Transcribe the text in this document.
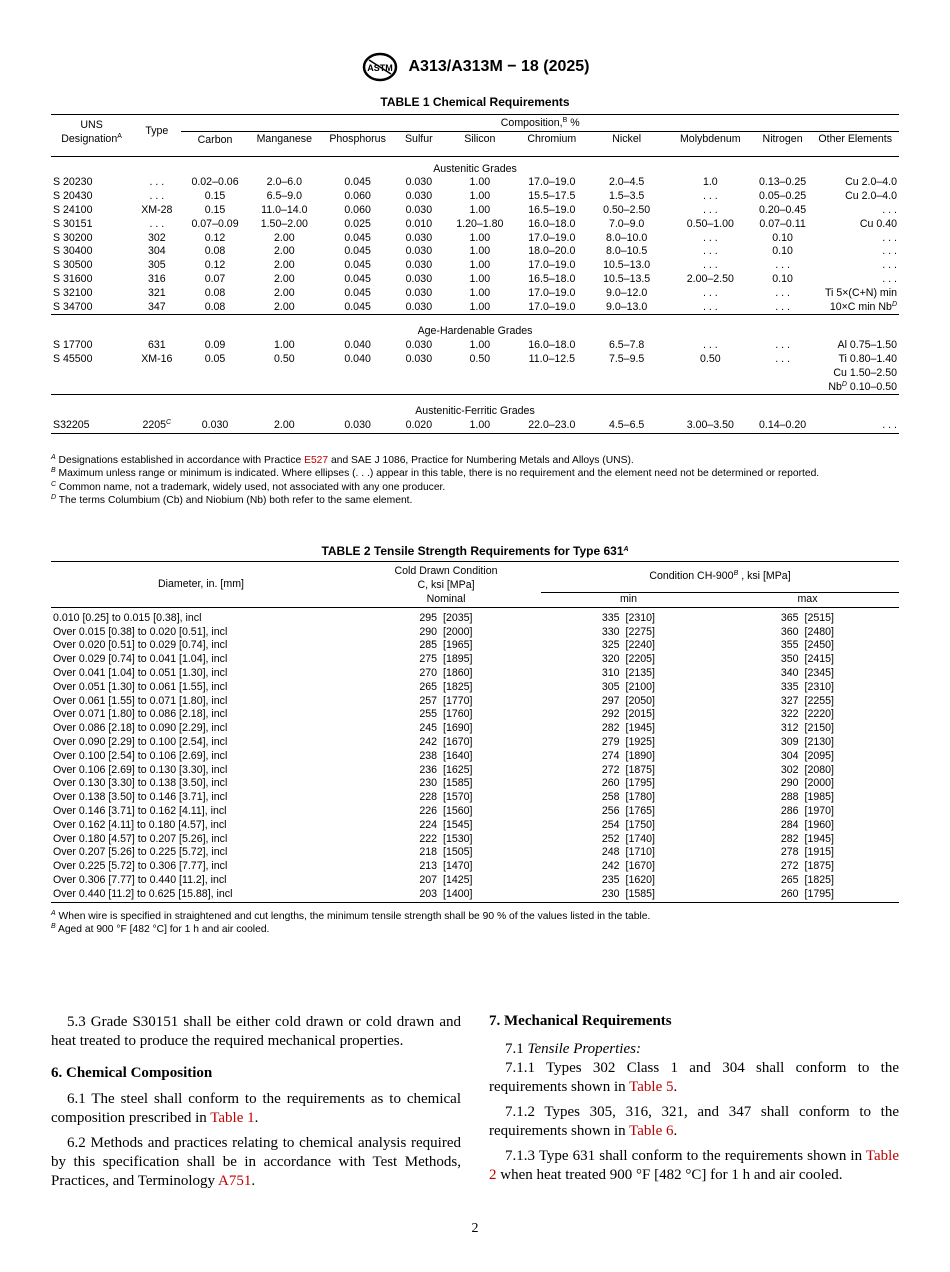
ASTM A313/A313M − 18 (2025)
TABLE 1 Chemical Requirements
UNS
Designation$^A$	Type	Composition,$^B$ %									
		Carbon	Manganese	Phosphorus	Sulfur	Silicon	Chromium	Nickel	Molybdenum	Nitrogen	Other Elements

Austenitic Grades											
S 20230	. . .	0.02–0.06	2.0–6.0	0.045	0.030	1.00	17.0–19.0	2.0–4.5	1.0	0.13–0.25	Cu 2.0–4.0
S 20430	. . .	0.15	6.5–9.0	0.060	0.030	1.00	15.5–17.5	1.5–3.5	. . .	0.05–0.25	Cu 2.0–4.0
S 24100	XM-28	0.15	11.0–14.0	0.060	0.030	1.00	16.5–19.0	0.50–2.50	. . .	0.20–0.45	. . .
S 30151	. . .	0.07–0.09	1.50–2.00	0.025	0.010	1.20–1.80	16.0–18.0	7.0–9.0	0.50–1.00	0.07–0.11	Cu 0.40
S 30200	302	0.12	2.00	0.045	0.030	1.00	17.0–19.0	8.0–10.0	. . .	0.10	. . .
S 30400	304	0.08	2.00	0.045	0.030	1.00	18.0–20.0	8.0–10.5	. . .	0.10	. . .
S 30500	305	0.12	2.00	0.045	0.030	1.00	17.0–19.0	10.5–13.0	. . .	. . .	. . .
S 31600	316	0.07	2.00	0.045	0.030	1.00	16.5–18.0	10.5–13.5	2.00–2.50	0.10	. . .
S 32100	321	0.08	2.00	0.045	0.030	1.00	17.0–19.0	9.0–12.0	. . .	. . .	Ti 5×(C+N) min
S 34700	347	0.08	2.00	0.045	0.030	1.00	17.0–19.0	9.0–13.0	. . .	. . .	10×C $\min Nb^D$
Age-Hardenable Grades											
S 17700	631	0.09	1.00	0.040	0.030	1.00	16.0–18.0	6.5–7.8	. . .	. . .	Al 0.75–1.50
S 45500	XM-16	0.05	0.50	0.040	0.030	0.50	11.0–12.5	7.5–9.5	0.50	. . .	Ti 0.80–1.40
											Cu 1.50–2.50
											$Nb^D$ 0.10–0.50
Austenitic-Ferritic Grades											
S32205	$2205^C$	0.030	2.00	0.030	0.020	1.00	22.0–23.0	4.5–6.5	3.00–3.50	0.14–0.20	. . .
$^A$ Designations established in accordance with Practice E527 and SAE J 1086, Practice for Numbering Metals and Alloys (UNS).
$^B$ Maximum unless range or minimum is indicated. Where ellipses (. . .) appear in this table, there is no requirement and the element need not be determined or reported.
$^C$ Common name, not a trademark, widely used, not associated with any one producer.
$^D$ The terms Columbium (Cb) and Niobium (Nb) both refer to the same element.
TABLE 2 Tensile Strength Requirements for Type $631^A$
Diameter, in. [mm]	Cold Drawn Condition
C, ksi [MPa]	Condition $CH-900^B$ , ksi [MPa]	
	Nominal	min	max
0.010 [0.25] to 0.015 [0.38], incl	295 [2035]	335 [2310]	365 [2515]
Over 0.015 [0.38] to 0.020 [0.51], incl	290 [2000]	330 [2275]	360 [2480]
Over 0.020 [0.51] to 0.029 [0.74], incl	285 [1965]	325 [2240]	355 [2450]
Over 0.029 [0.74] to 0.041 [1.04], incl	275 [1895]	320 [2205]	350 [2415]
Over 0.041 [1.04] to 0.051 [1.30], incl	270 [1860]	310 [2135]	340 [2345]
Over 0.051 [1.30] to 0.061 [1.55], incl	265 [1825]	305 [2100]	335 [2310]
Over 0.061 [1.55] to 0.071 [1.80], incl	257 [1770]	297 [2050]	327 [2255]
Over 0.071 [1.80] to 0.086 [2.18], incl	255 [1760]	292 [2015]	322 [2220]
Over 0.086 [2.18] to 0.090 [2.29], incl	245 [1690]	282 [1945]	312 [2150]
Over 0.090 [2.29] to 0.100 [2.54], incl	242 [1670]	279 [1925]	309 [2130]
Over 0.100 [2.54] to 0.106 [2.69], incl	238 [1640]	274 [1890]	304 [2095]
Over 0.106 [2.69] to 0.130 [3.30], incl	236 [1625]	272 [1875]	302 [2080]
Over 0.130 [3.30] to 0.138 [3.50], incl	230 [1585]	260 [1795]	290 [2000]
Over 0.138 [3.50] to 0.146 [3.71], incl	228 [1570]	258 [1780]	288 [1985]
Over 0.146 [3.71] to 0.162 [4.11], incl	226 [1560]	256 [1765]	286 [1970]
Over 0.162 [4.11] to 0.180 [4.57], incl	224 [1545]	254 [1750]	284 [1960]
Over 0.180 [4.57] to 0.207 [5.26], incl	222 [1530]	252 [1740]	282 [1945]
Over 0.207 [5.26] to 0.225 [5.72], incl	218 [1505]	248 [1710]	278 [1915]
Over 0.225 [5.72] to 0.306 [7.77], incl	213 [1470]	242 [1670]	272 [1875]
Over 0.306 [7.77] to 0.440 [11.2], incl	207 [1425]	235 [1620]	265 [1825]
Over 0.440 [11.2] to 0.625 [15.88], incl	203 [1400]	230 [1585]	260 [1795]
$^A$ When wire is specified in straightened and cut lengths, the minimum tensile strength shall be 90 % of the values listed in the table.
$^B$ Aged at 900 °F [482 °C] for 1 h and air cooled.

5.3 Grade S30151 shall be either cold drawn or cold drawn and heat treated to produce the required mechanical properties.

6. Chemical Composition

6.1 The steel shall conform to the requirements as to chemical composition prescribed in Table 1.

6.2 Methods and practices relating to chemical analysis required by this specification shall be in accordance with Test Methods, Practices, and Terminology A751.

7. Mechanical Requirements

7.1 Tensile Properties:

7.1.1 Types 302 Class 1 and 304 shall conform to the requirements shown in Table 5.

7.1.2 Types 305, 316, 321, and 347 shall conform to the requirements shown in Table 6.

7.1.3 Type 631 shall conform to the requirements shown in Table 2 when heat treated 900 °F [482 °C] for 1 h and air cooled.

2
